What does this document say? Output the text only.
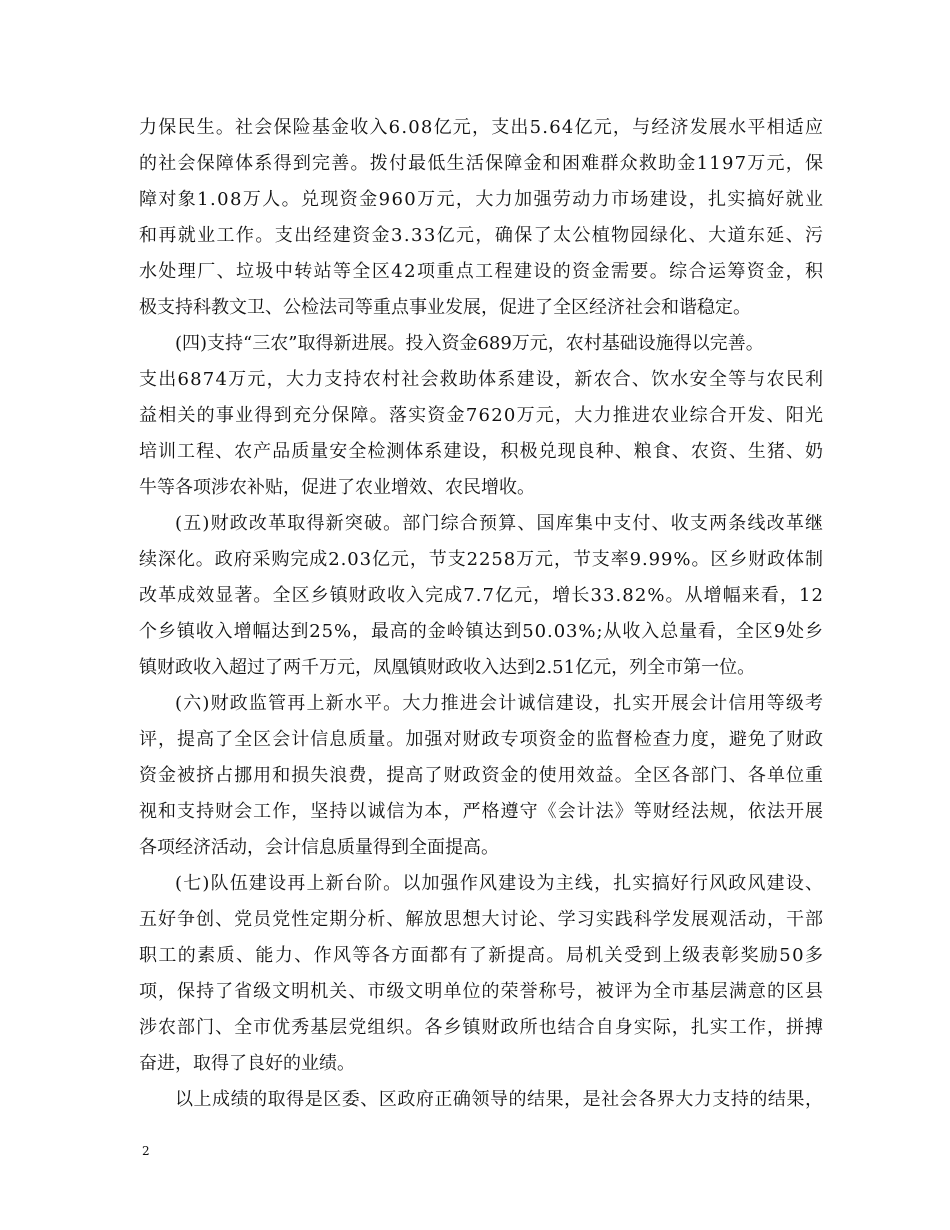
力保民生。社会保险基金收入6.08亿元，支出5.64亿元，与经济发展水平相适应
的社会保障体系得到完善。拨付最低生活保障金和困难群众救助金1197万元，保
障对象1.08万人。兑现资金960万元，大力加强劳动力市场建设，扎实搞好就业
和再就业工作。支出经建资金3.33亿元，确保了太公植物园绿化、大道东延、污
水处理厂、垃圾中转站等全区42项重点工程建设的资金需要。综合运筹资金，积
极支持科教文卫、公检法司等重点事业发展，促进了全区经济社会和谐稳定。
(四)支持“三农”取得新进展。投入资金689万元，农村基础设施得以完善。
支出6874万元，大力支持农村社会救助体系建设，新农合、饮水安全等与农民利
益相关的事业得到充分保障。落实资金7620万元，大力推进农业综合开发、阳光
培训工程、农产品质量安全检测体系建设，积极兑现良种、粮食、农资、生猪、奶
牛等各项涉农补贴，促进了农业增效、农民增收。
(五)财政改革取得新突破。部门综合预算、国库集中支付、收支两条线改革继
续深化。政府采购完成2.03亿元，节支2258万元，节支率9.99%。区乡财政体制
改革成效显著。全区乡镇财政收入完成7.7亿元，增长33.82%。从增幅来看，12
个乡镇收入增幅达到25%，最高的金岭镇达到50.03%;从收入总量看，全区9处乡
镇财政收入超过了两千万元，凤凰镇财政收入达到2.51亿元，列全市第一位。
(六)财政监管再上新水平。大力推进会计诚信建设，扎实开展会计信用等级考
评，提高了全区会计信息质量。加强对财政专项资金的监督检查力度，避免了财政
资金被挤占挪用和损失浪费，提高了财政资金的使用效益。全区各部门、各单位重
视和支持财会工作，坚持以诚信为本，严格遵守《会计法》等财经法规，依法开展
各项经济活动，会计信息质量得到全面提高。
(七)队伍建设再上新台阶。以加强作风建设为主线，扎实搞好行风政风建设、
五好争创、党员党性定期分析、解放思想大讨论、学习实践科学发展观活动，干部
职工的素质、能力、作风等各方面都有了新提高。局机关受到上级表彰奖励50多
项，保持了省级文明机关、市级文明单位的荣誉称号，被评为全市基层满意的区县
涉农部门、全市优秀基层党组织。各乡镇财政所也结合自身实际，扎实工作，拼搏
奋进，取得了良好的业绩。
以上成绩的取得是区委、区政府正确领导的结果，是社会各界大力支持的结果，
2
